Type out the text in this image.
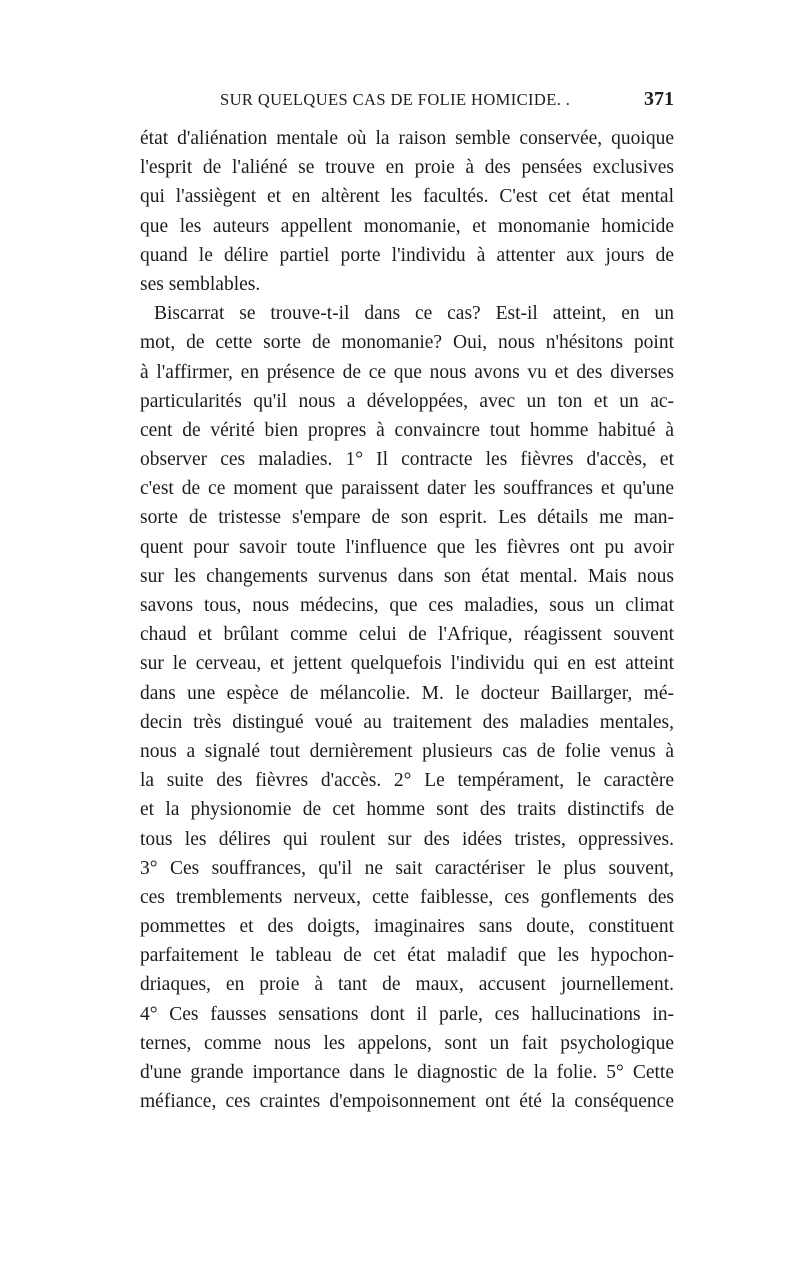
SUR QUELQUES CAS DE FOLIE HOMICIDE. .	371
état d'aliénation mentale où la raison semble conservée, quoique
l'esprit de l'aliéné se trouve en proie à des pensées exclusives
qui l'assiègent et en altèrent les facultés. C'est cet état mental
que les auteurs appellent monomanie, et monomanie homicide
quand le délire partiel porte l'individu à attenter aux jours de
ses semblables.
Biscarrat se trouve-t-il dans ce cas? Est-il atteint, en un
mot, de cette sorte de monomanie? Oui, nous n'hésitons point
à l'affirmer, en présence de ce que nous avons vu et des diverses
particularités qu'il nous a développées, avec un ton et un ac-
cent de vérité bien propres à convaincre tout homme habitué à
observer ces maladies. 1° Il contracte les fièvres d'accès, et
c'est de ce moment que paraissent dater les souffrances et qu'une
sorte de tristesse s'empare de son esprit. Les détails me man-
quent pour savoir toute l'influence que les fièvres ont pu avoir
sur les changements survenus dans son état mental. Mais nous
savons tous, nous médecins, que ces maladies, sous un climat
chaud et brûlant comme celui de l'Afrique, réagissent souvent
sur le cerveau, et jettent quelquefois l'individu qui en est atteint
dans une espèce de mélancolie. M. le docteur Baillarger, mé-
decin très distingué voué au traitement des maladies mentales,
nous a signalé tout dernièrement plusieurs cas de folie venus à
la suite des fièvres d'accès. 2° Le tempérament, le caractère
et la physionomie de cet homme sont des traits distinctifs de
tous les délires qui roulent sur des idées tristes, oppressives.
3° Ces souffrances, qu'il ne sait caractériser le plus souvent,
ces tremblements nerveux, cette faiblesse, ces gonflements des
pommettes et des doigts, imaginaires sans doute, constituent
parfaitement le tableau de cet état maladif que les hypochon-
driaques, en proie à tant de maux, accusent journellement.
4° Ces fausses sensations dont il parle, ces hallucinations in-
ternes, comme nous les appelons, sont un fait psychologique
d'une grande importance dans le diagnostic de la folie. 5° Cette
méfiance, ces craintes d'empoisonnement ont été la conséquence
